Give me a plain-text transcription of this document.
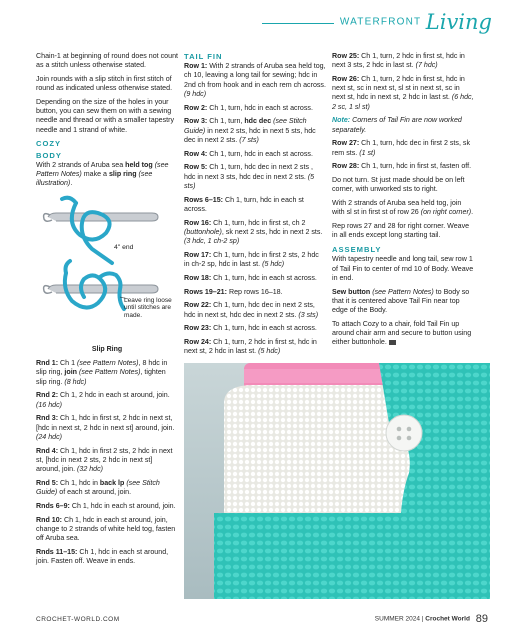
WATERFRONT Living

Chain-1 at beginning of round does not count as a stitch unless otherwise stated.

Join rounds with a slip stitch in first stitch of round as indicated unless otherwise stated.

Depending on the size of the holes in your button, you can sew them on with a sewing needle and thread or with a smaller tapestry needle and 1 strand of white.

COZY
BODY

With 2 strands of Aruba sea held tog (see Pattern Notes) make a slip ring (see illustration).

4" end
Leave ring loose until stitches are made.
Slip Ring

Rnd 1: Ch 1 (see Pattern Notes), 8 hdc in slip ring, join (see Pattern Notes), tighten slip ring. (8 hdc)

Rnd 2: Ch 1, 2 hdc in each st around, join. (16 hdc)

Rnd 3: Ch 1, hdc in first st, 2 hdc in next st, [hdc in next st, 2 hdc in next st] around, join. (24 hdc)

Rnd 4: Ch 1, hdc in first 2 sts, 2 hdc in next st, [hdc in next 2 sts, 2 hdc in next st] around, join. (32 hdc)

Rnd 5: Ch 1, hdc in back lp (see Stitch Guide) of each st around, join.

Rnds 6–9: Ch 1, hdc in each st around, join.

Rnd 10: Ch 1, hdc in each st around, join, change to 2 strands of white held tog, fasten off Aruba sea.

Rnds 11–15: Ch 1, hdc in each st around, join. Fasten off. Weave in ends.

TAIL FIN

Row 1: With 2 strands of Aruba sea held tog, ch 10, leaving a long tail for sewing; hdc in 2nd ch from hook and in each rem ch across. (9 hdc)

Row 2: Ch 1, turn, hdc in each st across.

Row 3: Ch 1, turn, hdc dec (see Stitch Guide) in next 2 sts, hdc in next 5 sts, hdc dec in next 2 sts. (7 sts)

Row 4: Ch 1, turn, hdc in each st across.

Row 5: Ch 1, turn, hdc dec in next 2 sts , hdc in next 3 sts, hdc dec in next 2 sts. (5 sts)

Rows 6–15: Ch 1, turn, hdc in each st across.

Row 16: Ch 1, turn, hdc in first st, ch 2 (buttonhole), sk next 2 sts, hdc in next 2 sts. (3 hdc, 1 ch-2 sp)

Row 17: Ch 1, turn, hdc in first 2 sts, 2 hdc in ch-2 sp, hdc in last st. (5 hdc)

Row 18: Ch 1, turn, hdc in each st across.

Rows 19–21: Rep rows 16–18.

Row 22: Ch 1, turn, hdc dec in next 2 sts, hdc in next st, hdc dec in next 2 sts. (3 sts)

Row 23: Ch 1, turn, hdc in each st across.

Row 24: Ch 1, turn, 2 hdc in first st, hdc in next st, 2 hdc in last st. (5 hdc)

Row 25: Ch 1, turn, 2 hdc in first st, hdc in next 3 sts, 2 hdc in last st. (7 hdc)

Row 26: Ch 1, turn, 2 hdc in first st, hdc in next st, sc in next st, sl st in next st, sc in next st, hdc in next st, 2 hdc in last st. (6 hdc, 2 sc, 1 sl st)

Note: Corners of Tail Fin are now worked separately.

Row 27: Ch 1, turn, hdc dec in first 2 sts, sk rem sts. (1 st)

Row 28: Ch 1, turn, hdc in first st, fasten off.

Do not turn. St just made should be on left corner, with unworked sts to right.

With 2 strands of Aruba sea held tog, join with sl st in first st of row 26 (on right corner).

Rep rows 27 and 28 for right corner. Weave in all ends except long starting tail.

ASSEMBLY

With tapestry needle and long tail, sew row 1 of Tail Fin to center of rnd 10 of Body. Weave in end.

Sew button (see Pattern Notes) to Body so that it is centered above Tail Fin near top edge of the Body.

To attach Cozy to a chair, fold Tail Fin up around chair arm and secure to button using either buttonhole.

CROCHET-WORLD.COM	SUMMER 2024 | Crochet World 89
